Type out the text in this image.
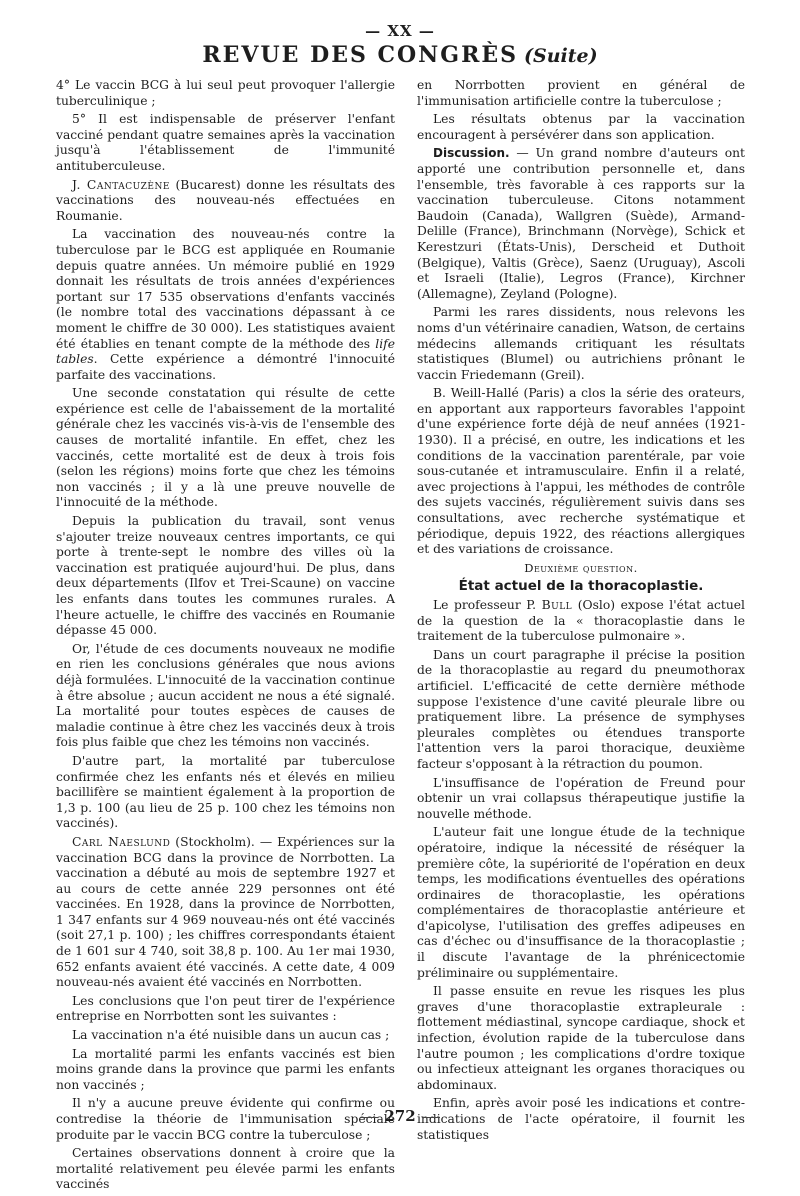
— XX —
REVUE DES CONGRÈS (Suite)

4° Le vaccin BCG à lui seul peut provoquer l'allergie tuberculinique ;

5° Il est indispensable de préserver l'enfant vacciné pendant quatre semaines après la vaccination jusqu'à l'établissement de l'immunité antituberculeuse.

J. Cantacuzène (Bucarest) donne les résultats des vaccinations des nouveau-nés effectuées en Roumanie.

La vaccination des nouveau-nés contre la tuberculose par le BCG est appliquée en Roumanie depuis quatre années. Un mémoire publié en 1929 donnait les résultats de trois années d'expériences portant sur 17 535 observations d'enfants vaccinés (le nombre total des vaccinations dépassant à ce moment le chiffre de 30 000). Les statistiques avaient été établies en tenant compte de la méthode des life tables. Cette expérience a démontré l'innocuité parfaite des vaccinations.

Une seconde constatation qui résulte de cette expérience est celle de l'abaissement de la mortalité générale chez les vaccinés vis-à-vis de l'ensemble des causes de mortalité infantile. En effet, chez les vaccinés, cette mortalité est de deux à trois fois (selon les régions) moins forte que chez les témoins non vaccinés ; il y a là une preuve nouvelle de l'innocuité de la méthode.

Depuis la publication du travail, sont venus s'ajouter treize nouveaux centres importants, ce qui porte à trente-sept le nombre des villes où la vaccination est pratiquée aujourd'hui. De plus, dans deux départements (Ilfov et Trei-Scaune) on vaccine les enfants dans toutes les communes rurales. A l'heure actuelle, le chiffre des vaccinés en Roumanie dépasse 45 000.

Or, l'étude de ces documents nouveaux ne modifie en rien les conclusions générales que nous avions déjà formulées. L'innocuité de la vaccination continue à être absolue ; aucun accident ne nous a été signalé. La mortalité pour toutes espèces de causes de maladie continue à être chez les vaccinés deux à trois fois plus faible que chez les témoins non vaccinés.

D'autre part, la mortalité par tuberculose confirmée chez les enfants nés et élevés en milieu bacillifère se maintient également à la proportion de 1,3 p. 100 (au lieu de 25 p. 100 chez les témoins non vaccinés).

Carl Naeslund (Stockholm). — Expériences sur la vaccination BCG dans la province de Norrbotten. La vaccination a débuté au mois de septembre 1927 et au cours de cette année 229 personnes ont été vaccinées. En 1928, dans la province de Norrbotten, 1 347 enfants sur 4 969 nouveau-nés ont été vaccinés (soit 27,1 p. 100) ; les chiffres correspondants étaient de 1 601 sur 4 740, soit 38,8 p. 100. Au 1er mai 1930, 652 enfants avaient été vaccinés. A cette date, 4 009 nouveau-nés avaient été vaccinés en Norrbotten.

Les conclusions que l'on peut tirer de l'expérience entreprise en Norrbotten sont les suivantes :

La vaccination n'a été nuisible dans un aucun cas ;

La mortalité parmi les enfants vaccinés est bien moins grande dans la province que parmi les enfants non vaccinés ;

Il n'y a aucune preuve évidente qui confirme ou contredise la théorie de l'immunisation spéciale produite par le vaccin BCG contre la tuberculose ;

Certaines observations donnent à croire que la mortalité relativement peu élevée parmi les enfants vaccinés

en Norrbotten provient en général de l'immunisation artificielle contre la tuberculose ;

Les résultats obtenus par la vaccination encouragent à persévérer dans son application.

Discussion. — Un grand nombre d'auteurs ont apporté une contribution personnelle et, dans l'ensemble, très favorable à ces rapports sur la vaccination tuberculeuse. Citons notamment Baudoin (Canada), Wallgren (Suède), Armand-Delille (France), Brinchmann (Norvège), Schick et Kerestzuri (États-Unis), Derscheid et Duthoit (Belgique), Valtis (Grèce), Saenz (Uruguay), Ascoli et Israeli (Italie), Legros (France), Kirchner (Allemagne), Zeyland (Pologne).

Parmi les rares dissidents, nous relevons les noms d'un vétérinaire canadien, Watson, de certains médecins allemands critiquant les résultats statistiques (Blumel) ou autrichiens prônant le vaccin Friedemann (Greil).

B. Weill-Hallé (Paris) a clos la série des orateurs, en apportant aux rapporteurs favorables l'appoint d'une expérience forte déjà de neuf années (1921-1930). Il a précisé, en outre, les indications et les conditions de la vaccination parentérale, par voie sous-cutanée et intramusculaire. Enfin il a relaté, avec projections à l'appui, les méthodes de contrôle des sujets vaccinés, régulièrement suivis dans ses consultations, avec recherche systématique et périodique, depuis 1922, des réactions allergiques et des variations de croissance.

Deuxième question.

État actuel de la thoracoplastie.

Le professeur P. Bull (Oslo) expose l'état actuel de la question de la « thoracoplastie dans le traitement de la tuberculose pulmonaire ».

Dans un court paragraphe il précise la position de la thoracoplastie au regard du pneumothorax artificiel. L'efficacité de cette dernière méthode suppose l'existence d'une cavité pleurale libre ou pratiquement libre. La présence de symphyses pleurales complètes ou étendues transporte l'attention vers la paroi thoracique, deuxième facteur s'opposant à la rétraction du poumon.

L'insuffisance de l'opération de Freund pour obtenir un vrai collapsus thérapeutique justifie la nouvelle méthode.

L'auteur fait une longue étude de la technique opératoire, indique la nécessité de réséquer la première côte, la supériorité de l'opération en deux temps, les modifications éventuelles des opérations ordinaires de thoracoplastie, les opérations complémentaires de thoracoplastie antérieure et d'apicolyse, l'utilisation des greffes adipeuses en cas d'échec ou d'insuffisance de la thoracoplastie ; il discute l'avantage de la phrénicectomie préliminaire ou supplémentaire.

Il passe ensuite en revue les risques les plus graves d'une thoracoplastie extrapleurale : flottement médiastinal, syncope cardiaque, shock et infection, évolution rapide de la tuberculose dans l'autre poumon ; les complications d'ordre toxique ou infectieux atteignant les organes thoraciques ou abdominaux.

Enfin, après avoir posé les indications et contre-indications de l'acte opératoire, il fournit les statistiques

272
